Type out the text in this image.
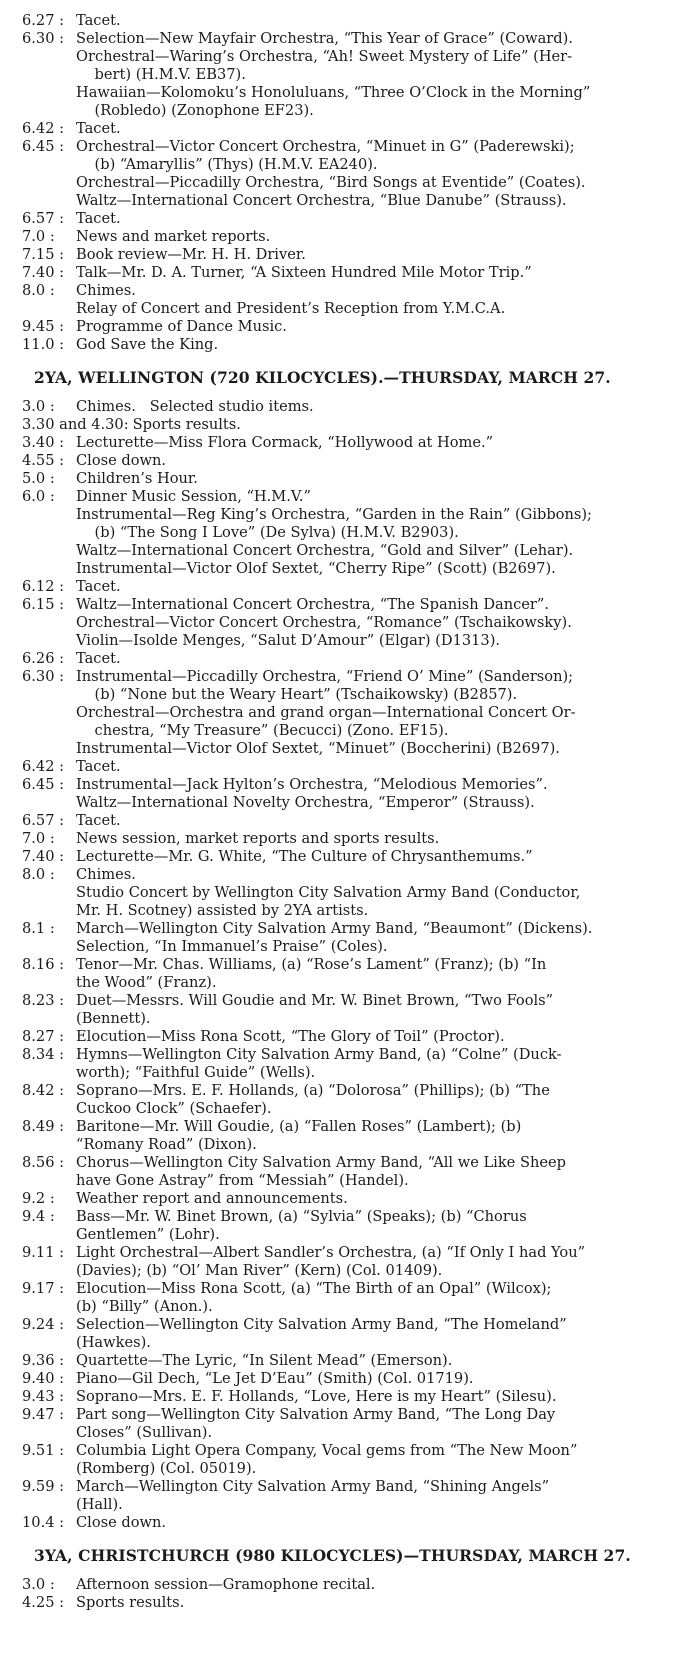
6.27 : Tacet.
6.30 : Selection—New Mayfair Orchestra, “This Year of Grace” (Coward).
Orchestral—Waring’s Orchestra, “Ah! Sweet Mystery of Life” (Her-
bert) (H.M.V. EB37).
Hawaiian—Kolomoku’s Honoluluans, “Three O’Clock in the Morning”
(Robledo) (Zonophone EF23).
6.42 : Tacet.
6.45 : Orchestral—Victor Concert Orchestra, “Minuet in G” (Paderewski);
(b) “Amaryllis” (Thys) (H.M.V. EA240).
Orchestral—Piccadilly Orchestra, “Bird Songs at Eventide” (Coates).
Waltz—International Concert Orchestra, “Blue Danube” (Strauss).
6.57 : Tacet.
7.0 :	News and market reports.
7.15 : Book review—Mr. H. H. Driver.
7.40 : Talk—Mr. D. A. Turner, “A Sixteen Hundred Mile Motor Trip.”
8.0 :	Chimes.
Relay of Concert and President’s Reception from Y.M.C.A.
9.45 : Programme of Dance Music.
11.0 : God Save the King.
2YA, WELLINGTON (720 KILOCYCLES).—THURSDAY, MARCH 27.
3.0 :	Chimes.   Selected studio items.
3.30 and 4.30: Sports results.
3.40 : Lecturette—Miss Flora Cormack, “Hollywood at Home.”
4.55 : Close down.
5.0 :	Children’s Hour.
6.0 :	Dinner Music Session, “H.M.V.”
Instrumental—Reg King’s Orchestra, “Garden in the Rain” (Gibbons);
(b) “The Song I Love” (De Sylva) (H.M.V. B2903).
Waltz—International Concert Orchestra, “Gold and Silver” (Lehar).
Instrumental—Victor Olof Sextet, “Cherry Ripe” (Scott) (B2697).
6.12 : Tacet.
6.15 : Waltz—International Concert Orchestra, “The Spanish Dancer”.
Orchestral—Victor Concert Orchestra, “Romance” (Tschaikowsky).
Violin—Isolde Menges, “Salut D’Amour” (Elgar) (D1313).
6.26 : Tacet.
6.30 : Instrumental—Piccadilly Orchestra, “Friend O’ Mine” (Sanderson);
(b) “None but the Weary Heart” (Tschaikowsky) (B2857).
Orchestral—Orchestra and grand organ—International Concert Or-
chestra, “My Treasure” (Becucci) (Zono. EF15).
Instrumental—Victor Olof Sextet, “Minuet” (Boccherini) (B2697).
6.42 : Tacet.
6.45 : Instrumental—Jack Hylton’s Orchestra, “Melodious Memories”.
Waltz—International Novelty Orchestra, “Emperor” (Strauss).
6.57 : Tacet.
7.0 :	News session, market reports and sports results.
7.40 : Lecturette—Mr. G. White, “The Culture of Chrysanthemums.”
8.0 :	Chimes.
Studio Concert by Wellington City Salvation Army Band (Conductor,
Mr. H. Scotney) assisted by 2YA artists.
8.1 :	March—Wellington City Salvation Army Band, “Beaumont” (Dickens).
Selection, “In Immanuel’s Praise” (Coles).
8.16 : Tenor—Mr. Chas. Williams, (a) “Rose’s Lament” (Franz); (b) “In
the Wood” (Franz).
8.23 : Duet—Messrs. Will Goudie and Mr. W. Binet Brown, “Two Fools”
(Bennett).
8.27 : Elocution—Miss Rona Scott, “The Glory of Toil” (Proctor).
8.34 : Hymns—Wellington City Salvation Army Band, (a) “Colne” (Duck-
worth); “Faithful Guide” (Wells).
8.42 : Soprano—Mrs. E. F. Hollands, (a) “Dolorosa” (Phillips); (b) “The
Cuckoo Clock” (Schaefer).
8.49 : Baritone—Mr. Will Goudie, (a) “Fallen Roses” (Lambert); (b)
“Romany Road” (Dixon).
8.56 : Chorus—Wellington City Salvation Army Band, “All we Like Sheep
have Gone Astray” from “Messiah” (Handel).
9.2 :	Weather report and announcements.
9.4 :	Bass—Mr. W. Binet Brown, (a) “Sylvia” (Speaks); (b) “Chorus
Gentlemen” (Lohr).
9.11 : Light Orchestral—Albert Sandler’s Orchestra, (a) “If Only I had You”
(Davies); (b) “Ol’ Man River” (Kern) (Col. 01409).
9.17 : Elocution—Miss Rona Scott, (a) “The Birth of an Opal” (Wilcox);
(b) “Billy” (Anon.).
9.24 : Selection—Wellington City Salvation Army Band, “The Homeland”
(Hawkes).
9.36 : Quartette—The Lyric, “In Silent Mead” (Emerson).
9.40 : Piano—Gil Dech, “Le Jet D’Eau” (Smith) (Col. 01719).
9.43 : Soprano—Mrs. E. F. Hollands, “Love, Here is my Heart” (Silesu).
9.47 : Part song—Wellington City Salvation Army Band, “The Long Day
Closes” (Sullivan).
9.51 : Columbia Light Opera Company, Vocal gems from “The New Moon”
(Romberg) (Col. 05019).
9.59 : March—Wellington City Salvation Army Band, “Shining Angels”
(Hall).
10.4 : Close down.
3YA, CHRISTCHURCH (980 KILOCYCLES)—THURSDAY, MARCH 27.
3.0 :	Afternoon session—Gramophone recital.
4.25 : Sports results.
